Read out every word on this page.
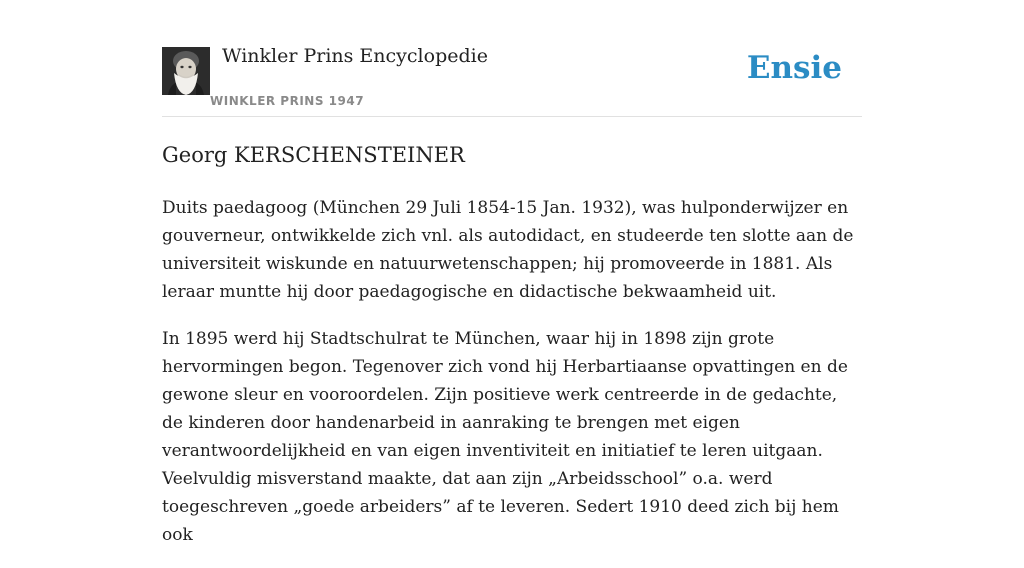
Winkler Prins Encyclopedie
WINKLER PRINS 1947
Ensie
Georg KERSCHENSTEINER

Duits paedagoog (München 29 Juli 1854-15 Jan. 1932), was hulponderwijzer en gouverneur, ontwikkelde zich vnl. als autodidact, en studeerde ten slotte aan de universiteit wiskunde en natuurwetenschappen; hij promoveerde in 1881. Als leraar muntte hij door paedagogische en didactische bekwaamheid uit.

In 1895 werd hij Stadtschulrat te München, waar hij in 1898 zijn grote hervormingen begon. Tegenover zich vond hij Herbartiaanse opvattingen en de gewone sleur en vooroordelen. Zijn positieve werk centreerde in de gedachte, de kinderen door handenarbeid in aanraking te brengen met eigen verantwoordelijkheid en van eigen inventiviteit en initiatief te leren uitgaan. Veelvuldig misverstand maakte, dat aan zijn „Arbeidsschool” o.a. werd toegeschreven „goede arbeiders” af te leveren. Sedert 1910 deed zich bij hem ook
